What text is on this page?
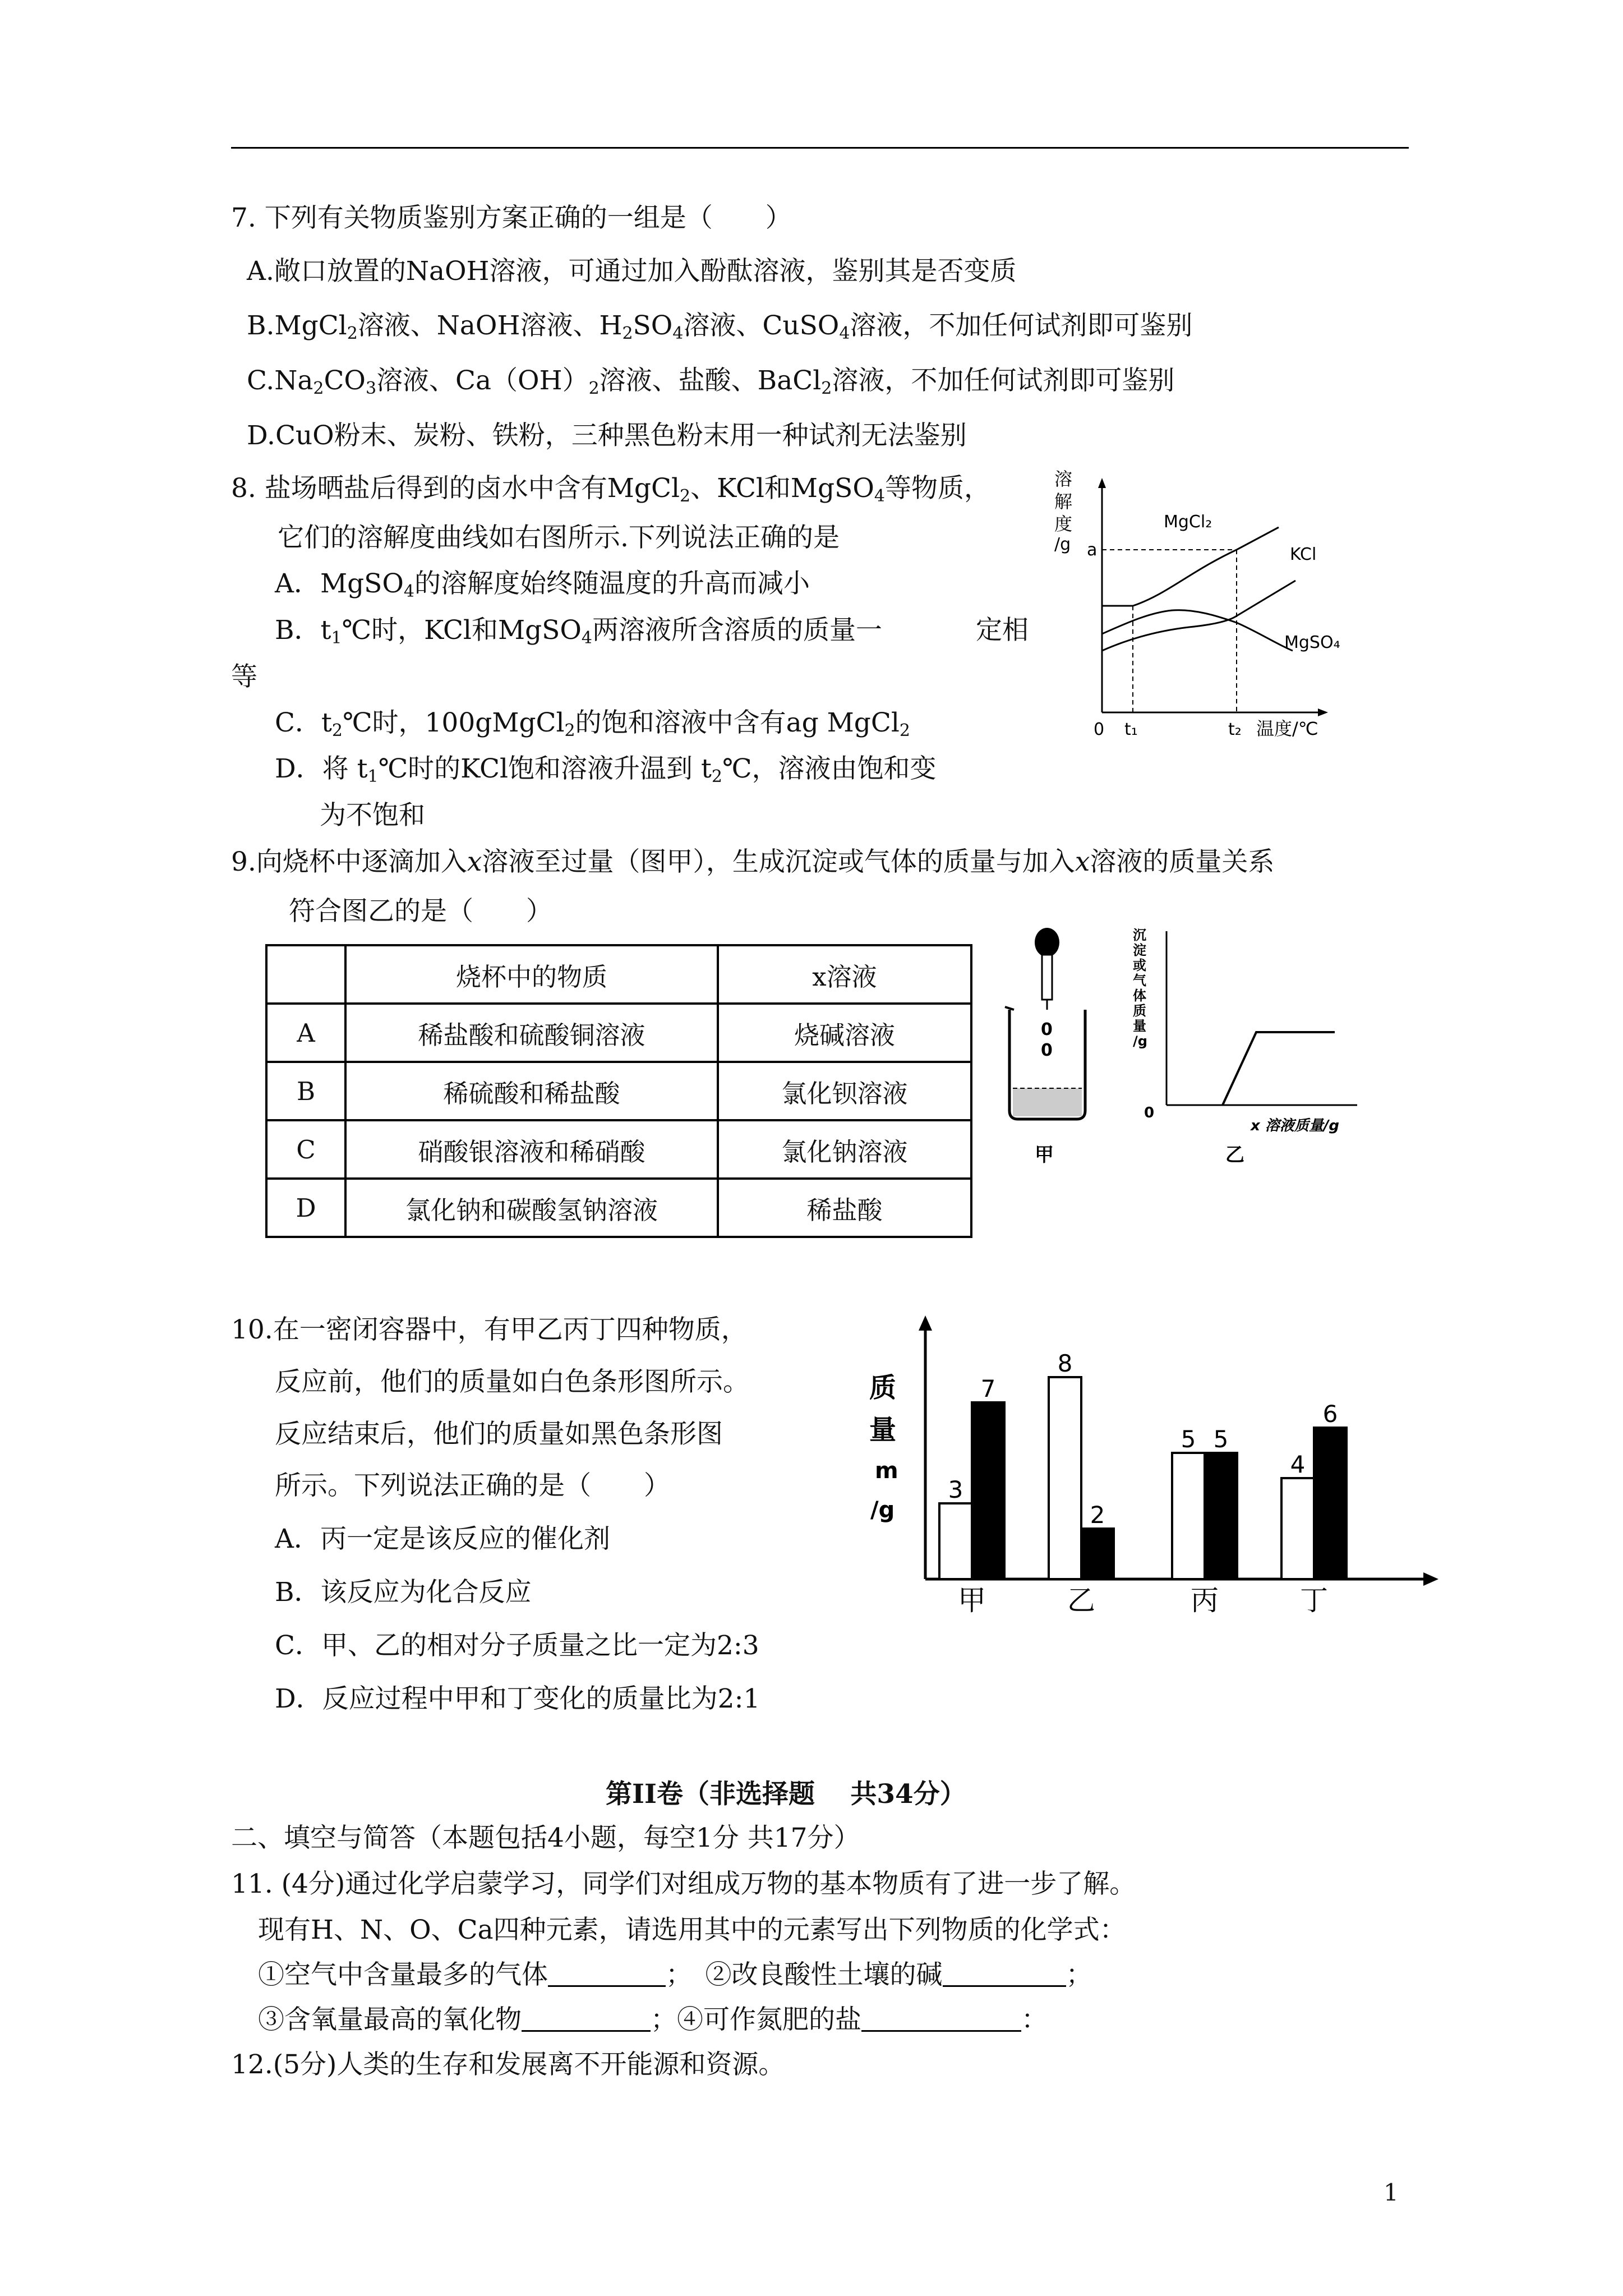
7. 下列有关物质鉴别方案正确的一组是（　　）
A.敞口放置的NaOH溶液，可通过加入酚酞溶液，鉴别其是否变质
B.MgCl$_2$溶液、NaOH溶液、$H_2SO_4$溶液、CuSO$_4$溶液，不加任何试剂即可鉴别
$C.Na_2CO_3$溶液、$Ca(OH)_2$溶液、盐酸、BaCl$_2$溶液，不加任何试剂即可鉴别
D.CuO粉末、炭粉、铁粉，三种黑色粉末用一种试剂无法鉴别
8. 盐场晒盐后得到的卤水中含有MgCl$_2$、KCl和MgSO$_4$等物质，
它们的溶解度曲线如右图所示.下列说法正确的是
A．MgSO$_4$的溶解度始终随温度的升高而减小
B．$t_1℃$时，KCl和MgSO$_4$两溶液所含溶质的质量一	定相
等
C．$t_2℃$时，100gMgCl$_2$的饱和溶液中含有ag MgCl$_2$
D．将 $t_1℃$时的KCl饱和溶液升温到 $t_2℃$，溶液由饱和变
为不饱和
溶
解
度
/g a
MgCl₂
KCl
MgSO₄
0 t₁	t₂ 温度/℃
9.向烧杯中逐滴加入x溶液至过量（图甲），生成沉淀或气体的质量与加入x溶液的质量关系
符合图乙的是（　　）
	烧杯中的物质	x溶液
A	稀盐酸和硫酸铜溶液	烧碱溶液
B	稀硫酸和稀盐酸	氯化钡溶液
C	硝酸银溶液和稀硝酸	氯化钠溶液
D	氯化钠和碳酸氢钠溶液	稀盐酸
0
0
甲
沉
淀
或
气
体
质
量
/g
0
x 溶液质量/g
乙
10.在一密闭容器中，有甲乙丙丁四种物质，
反应前，他们的质量如白色条形图所示。
反应结束后，他们的质量如黑色条形图
所示。下列说法正确的是（　　）
A．丙一定是该反应的催化剂
B．该反应为化合反应
C．甲、乙的相对分子质量之比一定为2:3
D．反应过程中甲和丁变化的质量比为2:1
质
量
m
/g
3
7
甲
8
2
乙
5 5
丙
4
6
丁
第II卷（非选择题　 共34分）
二、填空与简答（本题包括4小题，每空1分 共17分）
11. (4分)通过化学启蒙学习，同学们对组成万物的基本物质有了进一步了解。
现有H、N、O、Ca四种元素，请选用其中的元素写出下列物质的化学式：
①空气中含量最多的气体	；　②改良酸性土壤的碱	；
③含氧量最高的氧化物	；④可作氮肥的盐	：
12.(5分)人类的生存和发展离不开能源和资源。
1
